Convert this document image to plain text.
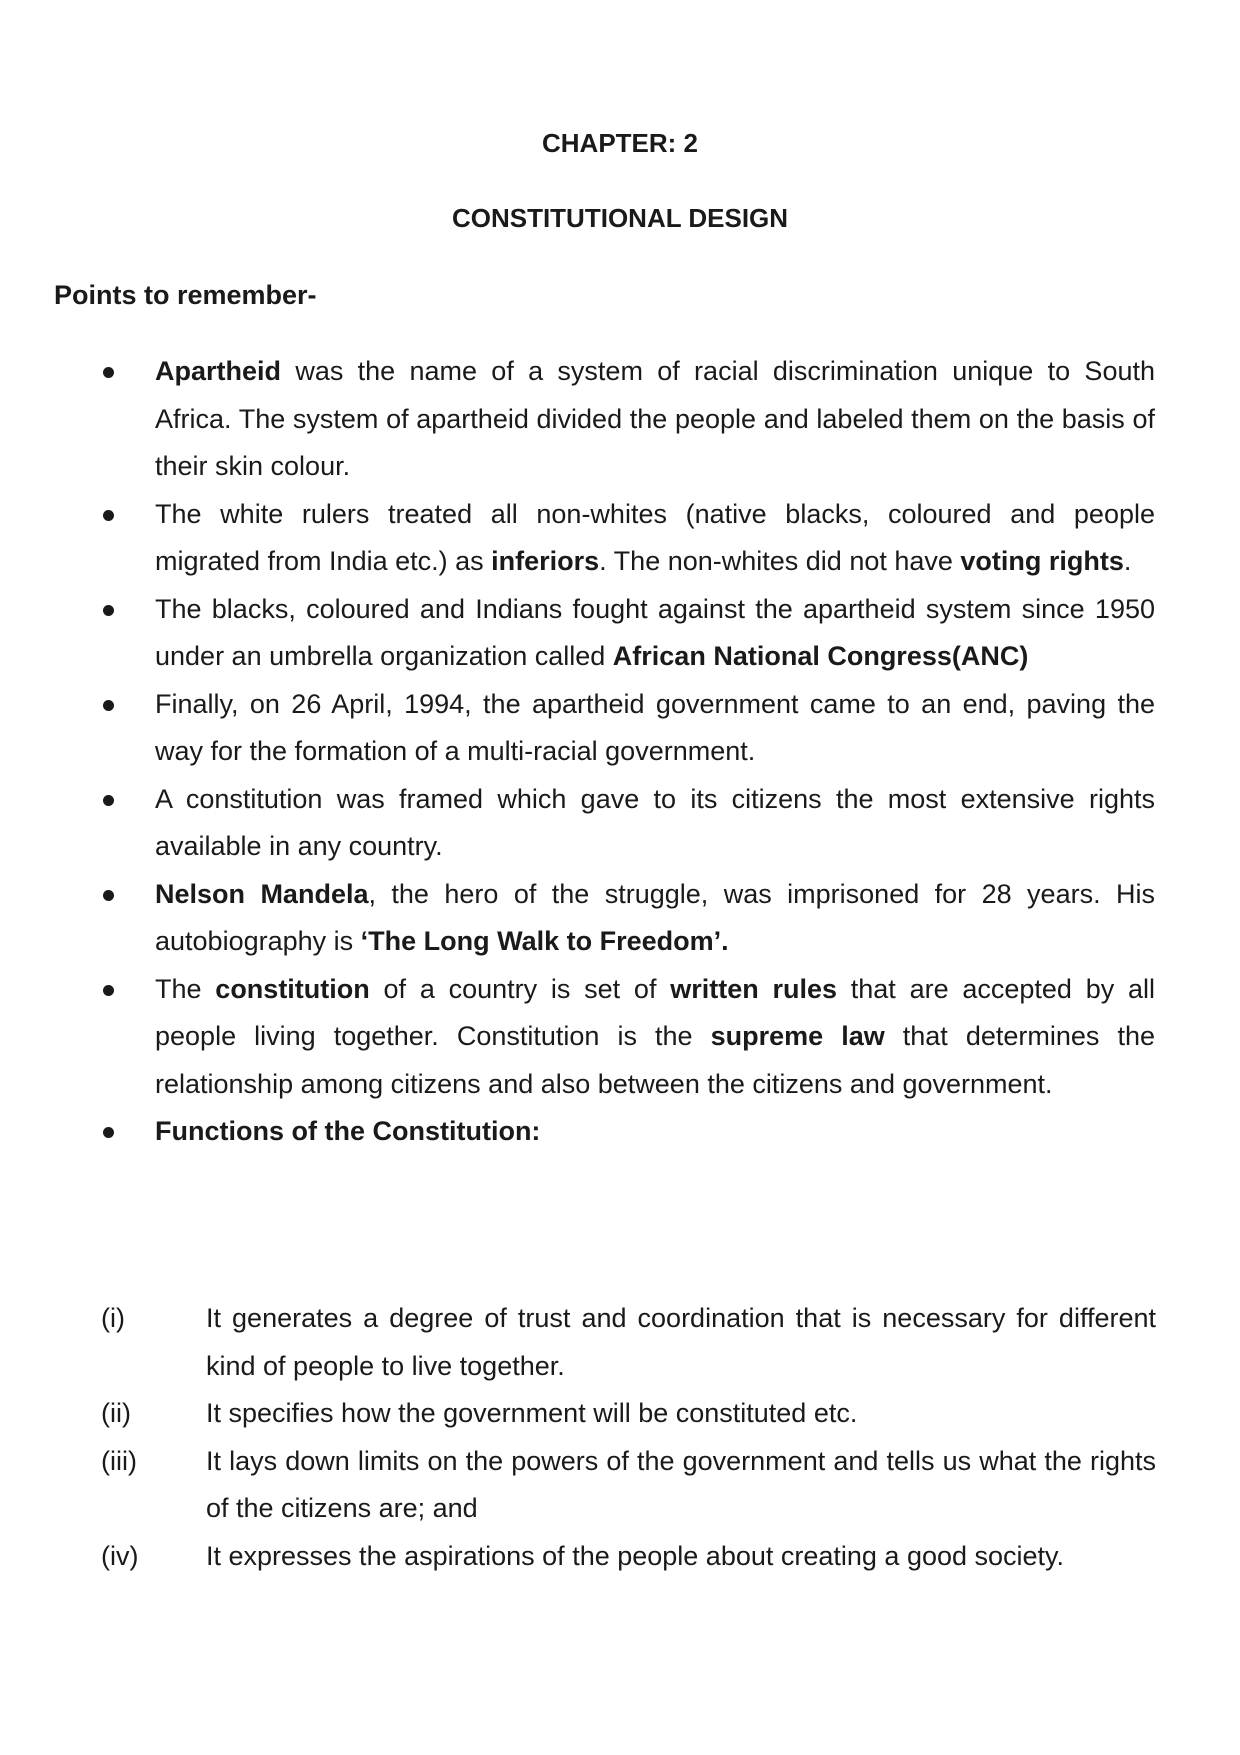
CHAPTER: 2
CONSTITUTIONAL DESIGN
Points to remember-
Apartheid was the name of a system of racial discrimination unique to South Africa. The system of apartheid divided the people and labeled them on the basis of their skin colour.
The white rulers treated all non-whites (native blacks, coloured and people migrated from India etc.) as inferiors. The non-whites did not have voting rights.
The blacks, coloured and Indians fought against the apartheid system since 1950 under an umbrella organization called African National Congress(ANC)
Finally, on 26 April, 1994, the apartheid government came to an end, paving the way for the formation of a multi-racial government.
A constitution was framed which gave to its citizens the most extensive rights available in any country.
Nelson Mandela, the hero of the struggle, was imprisoned for 28 years. His autobiography is ‘The Long Walk to Freedom’.
The constitution of a country is set of written rules that are accepted by all people living together. Constitution is the supreme law that determines the relationship among citizens and also between the citizens and government.
Functions of the Constitution:
(i)	It generates a degree of trust and coordination that is necessary for different kind of people to live together.
(ii)	It specifies how the government will be constituted etc.
(iii)	It lays down limits on the powers of the government and tells us what the rights of the citizens are; and
(iv)	It expresses the aspirations of the people about creating a good society.
